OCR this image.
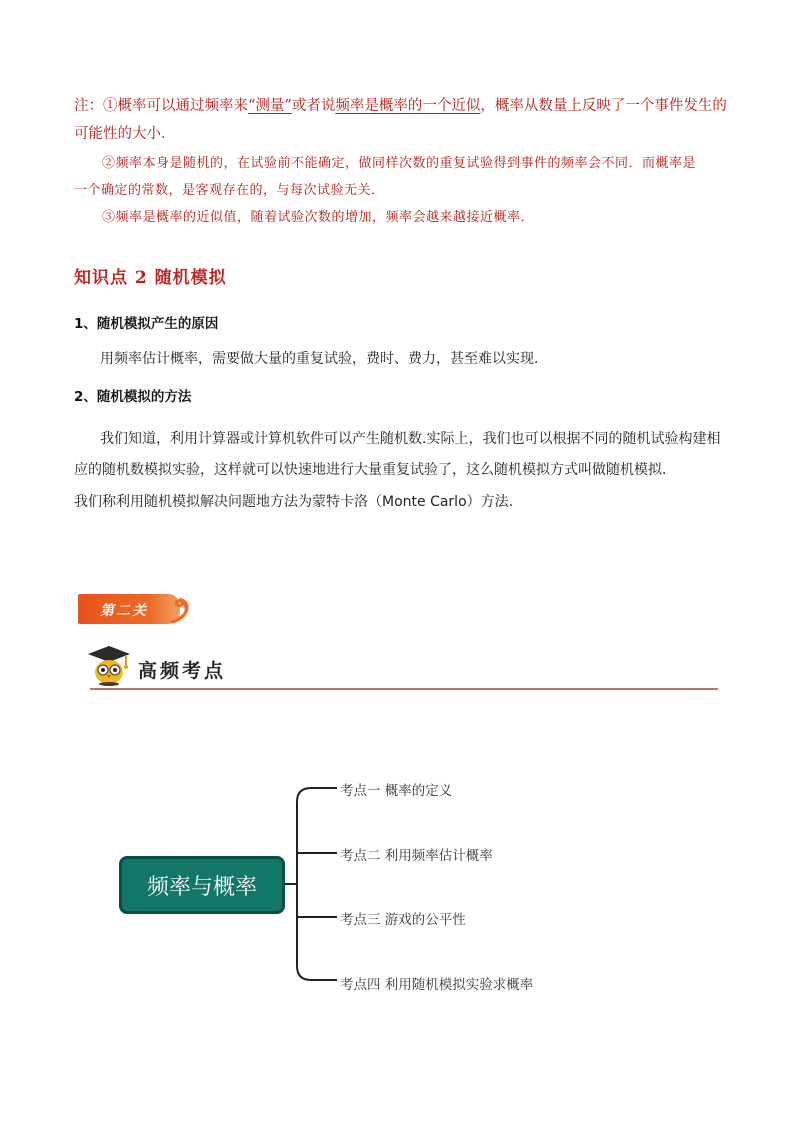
注：①概率可以通过频率来“测量”或者说频率是概率的一个近似，概率从数量上反映了一个事件发生的
可能性的大小．
②频率本身是随机的，在试验前不能确定，做同样次数的重复试验得到事件的频率会不同．而概率是
一个确定的常数，是客观存在的，与每次试验无关．
③频率是概率的近似值，随着试验次数的增加，频率会越来越接近概率．
知识点 2 随机模拟
1、随机模拟产生的原因
用频率估计概率，需要做大量的重复试验，费时、费力，甚至难以实现．
2、随机模拟的方法
我们知道，利用计算器或计算机软件可以产生随机数.实际上，我们也可以根据不同的随机试验构建相
应的随机数模拟实验，这样就可以快速地进行大量重复试验了，这么随机模拟方式叫做随机模拟．
我们称利用随机模拟解决问题地方法为蒙特卡洛（Monte Carlo）方法.
第二关
高频考点
频率与概率
考点一 概率的定义
考点二 利用频率估计概率
考点三 游戏的公平性
考点四 利用随机模拟实验求概率
